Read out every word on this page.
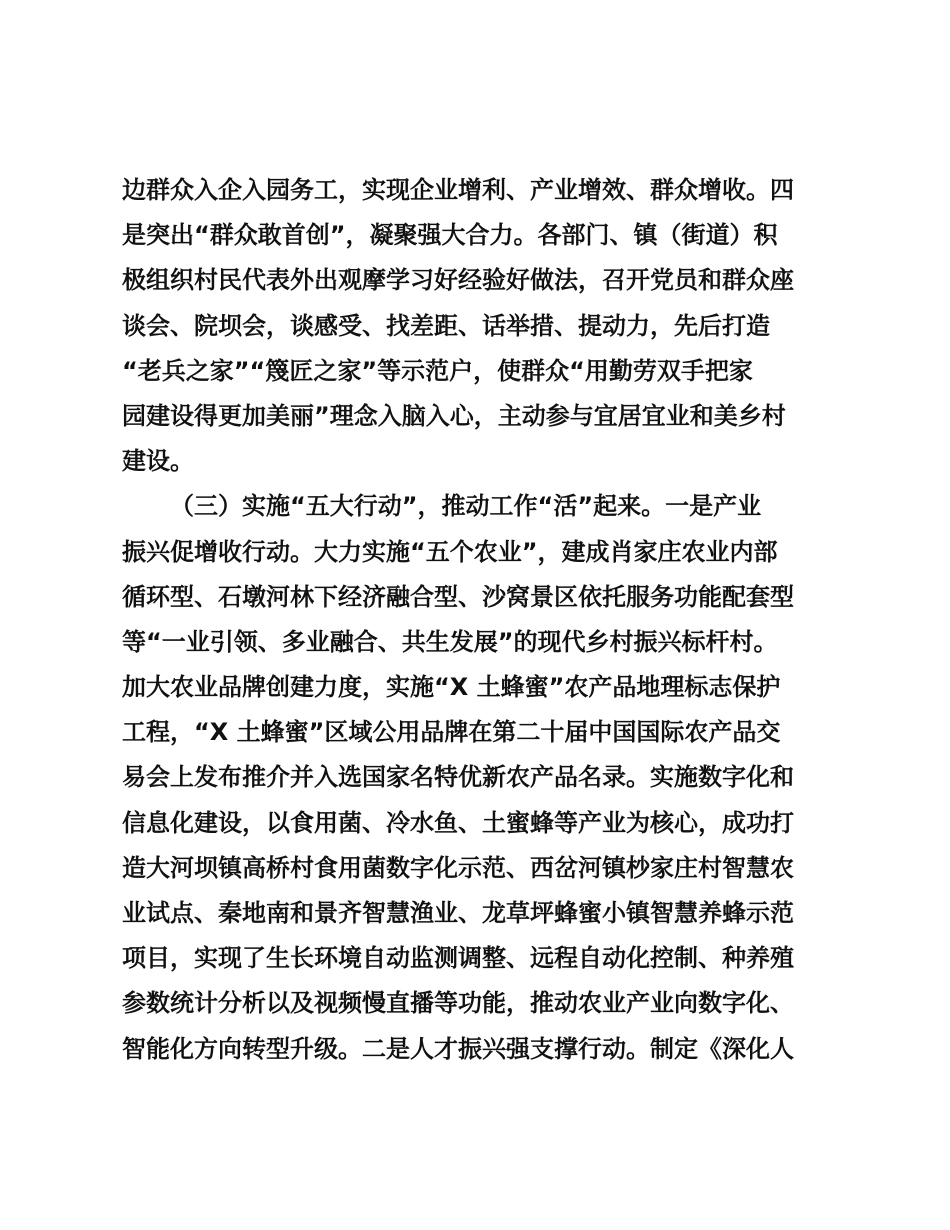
边群众入企入园务工，实现企业增利、产业增效、群众增收。四
是突出“群众敢首创”，凝聚强大合力。各部门、镇（街道）积
极组织村民代表外出观摩学习好经验好做法，召开党员和群众座
谈会、院坝会，谈感受、找差距、话举措、提动力，先后打造
“老兵之家”“篾匠之家”等示范户，使群众“用勤劳双手把家
园建设得更加美丽”理念入脑入心，主动参与宜居宜业和美乡村
建设。
（三）实施“五大行动”，推动工作“活”起来。一是产业
振兴促增收行动。大力实施“五个农业”，建成肖家庄农业内部
循环型、石墩河林下经济融合型、沙窝景区依托服务功能配套型
等“一业引领、多业融合、共生发展”的现代乡村振兴标杆村。
加大农业品牌创建力度，实施“X 土蜂蜜”农产品地理标志保护
工程，“X 土蜂蜜”区域公用品牌在第二十届中国国际农产品交
易会上发布推介并入选国家名特优新农产品名录。实施数字化和
信息化建设，以食用菌、冷水鱼、土蜜蜂等产业为核心，成功打
造大河坝镇高桥村食用菌数字化示范、西岔河镇杪家庄村智慧农
业试点、秦地南和景齐智慧渔业、龙草坪蜂蜜小镇智慧养蜂示范
项目，实现了生长环境自动监测调整、远程自动化控制、种养殖
参数统计分析以及视频慢直播等功能，推动农业产业向数字化、
智能化方向转型升级。二是人才振兴强支撑行动。制定《深化人
